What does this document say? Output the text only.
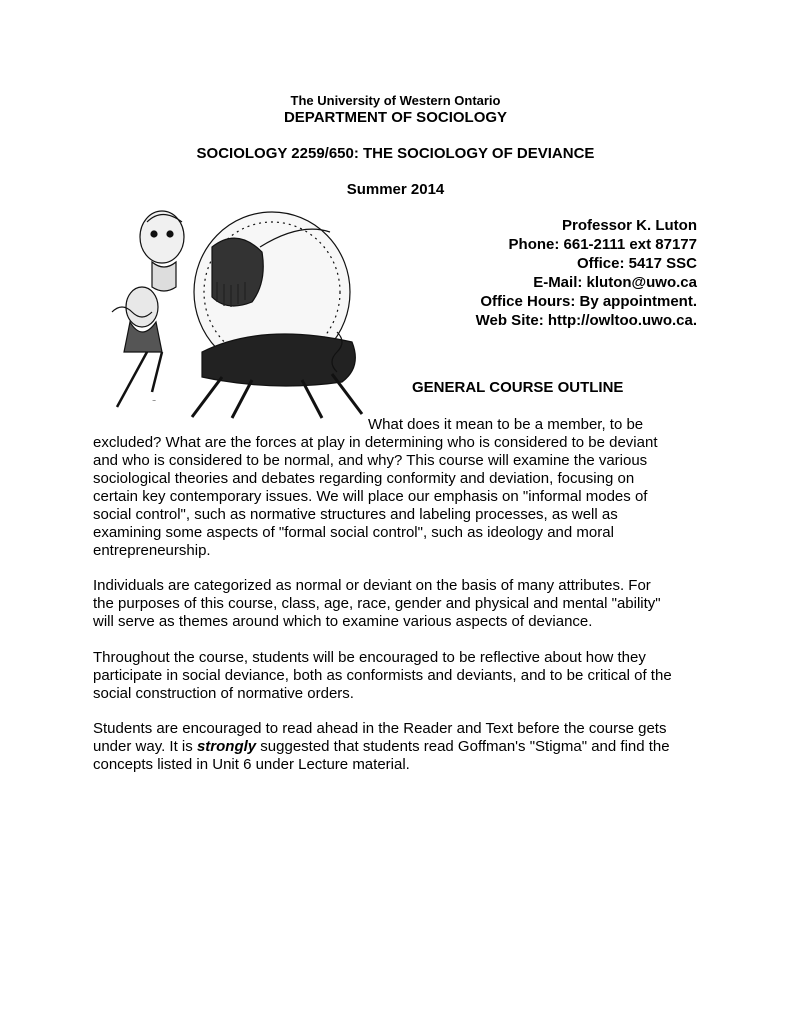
The University of Western Ontario
DEPARTMENT OF SOCIOLOGY
SOCIOLOGY 2259/650: THE SOCIOLOGY OF DEVIANCE
Summer 2014
~
Professor K. Luton
Phone: 661-2111 ext 87177
Office: 5417 SSC
E-Mail: kluton@uwo.ca
Office Hours: By appointment.
Web Site: http://owltoo.uwo.ca.
GENERAL COURSE OUTLINE
What does it mean to be a member, to be
excluded? What are the forces at play in determining who is considered to be deviant
and who is considered to be normal, and why? This course will examine the various
sociological theories and debates regarding conformity and deviation, focusing on
certain key contemporary issues. We will place our emphasis on "informal modes of
social control", such as normative structures and labeling processes, as well as
examining some aspects of "formal social control", such as ideology and moral
entrepreneurship.
Individuals are categorized as normal or deviant on the basis of many attributes. For
the purposes of this course, class, age, race, gender and physical and mental "ability"
will serve as themes around which to examine various aspects of deviance.
Throughout the course, students will be encouraged to be reflective about how they
participate in social deviance, both as conformists and deviants, and to be critical of the
social construction of normative orders.
Students are encouraged to read ahead in the Reader and Text before the course gets
under way. It is strongly suggested that students read Goffman's "Stigma" and find the
concepts listed in Unit 6 under Lecture material.
